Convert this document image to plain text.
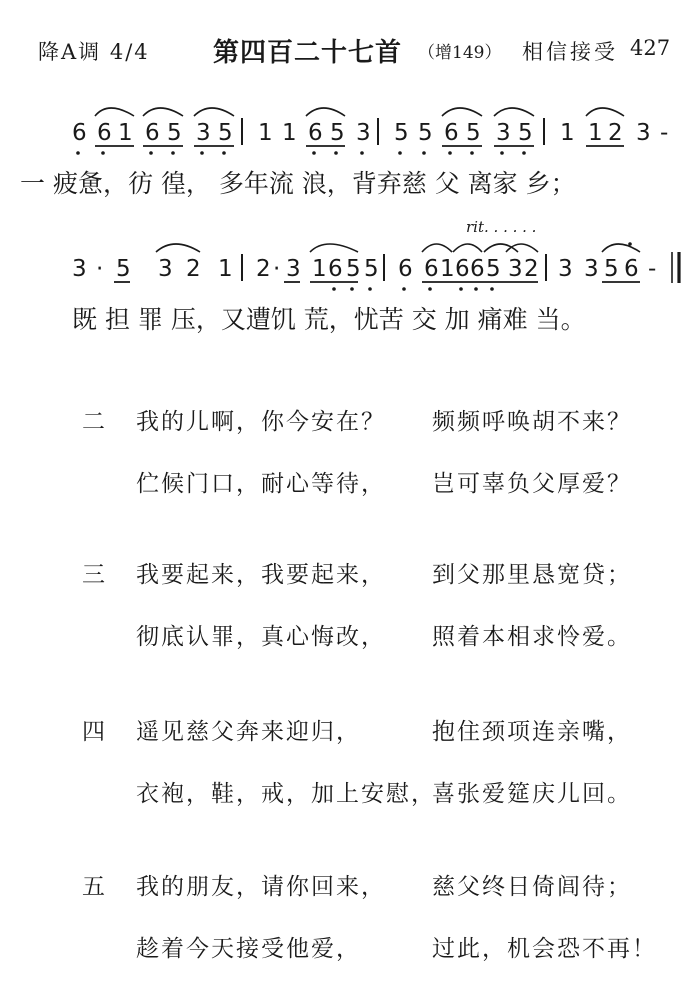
降A调 4/4 第四百二十七首 （增149） 相信接受 427
6 6 1 6 5 3 5 1 1 6 5 3 5 5 6 5 3 5 1 1 2 3 -
一 疲惫，彷 徨， 多年流 浪，背弃慈 父 离家 乡；
rit. . . . . .
3 · 5 3 2 1 2 · 3 1 6 5 5 6 6 1 6 6 5 3 2 3 3 5 6 -
既 担 罪 压，又遭饥 荒，忧苦 交 加 痛难 当。
二 我的儿啊，你今安在？ 频频呼唤胡不来？
伫候门口，耐心等待， 岂可辜负父厚爱？
三 我要起来，我要起来， 到父那里恳宽贷；
彻底认罪，真心悔改， 照着本相求怜爱。
四 遥见慈父奔来迎归，	抱住颈项连亲嘴，
衣袍，鞋，戒，加上安慰，
喜张爱筵庆儿回。
五 我的朋友，请你回来， 慈父终日倚闾待；
趁着今天接受他爱，	过此，机会恐不再！
